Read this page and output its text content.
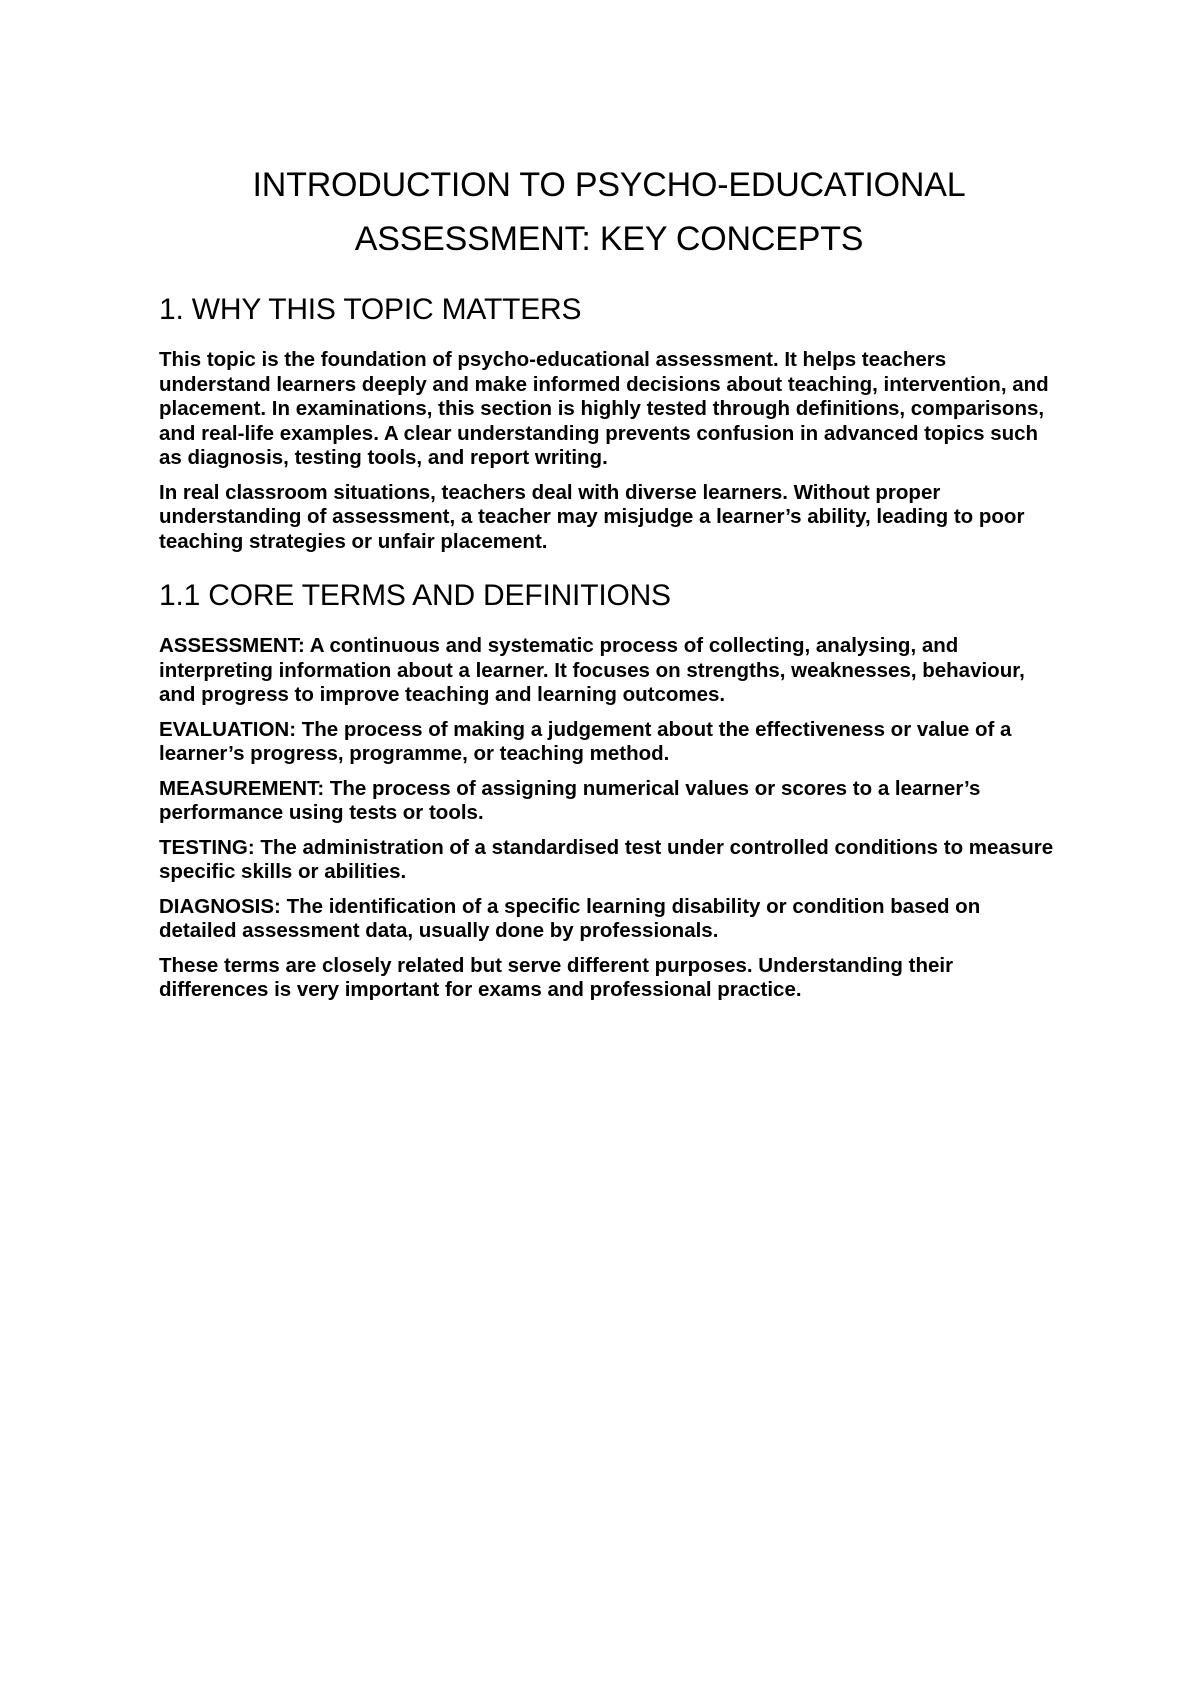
INTRODUCTION TO PSYCHO-EDUCATIONAL
ASSESSMENT: KEY CONCEPTS
1. WHY THIS TOPIC MATTERS

This topic is the foundation of psycho-educational assessment. It helps teachers understand learners deeply and make informed decisions about teaching, intervention, and placement. In examinations, this section is highly tested through definitions, comparisons, and real-life examples. A clear understanding prevents confusion in advanced topics such as diagnosis, testing tools, and report writing.

In real classroom situations, teachers deal with diverse learners. Without proper understanding of assessment, a teacher may misjudge a learner’s ability, leading to poor teaching strategies or unfair placement.

1.1 CORE TERMS AND DEFINITIONS

ASSESSMENT: A continuous and systematic process of collecting, analysing, and interpreting information about a learner. It focuses on strengths, weaknesses, behaviour, and progress to improve teaching and learning outcomes.

EVALUATION: The process of making a judgement about the effectiveness or value of a learner’s progress, programme, or teaching method.

MEASUREMENT: The process of assigning numerical values or scores to a learner’s performance using tests or tools.

TESTING: The administration of a standardised test under controlled conditions to measure specific skills or abilities.

DIAGNOSIS: The identification of a specific learning disability or condition based on detailed assessment data, usually done by professionals.

These terms are closely related but serve different purposes. Understanding their differences is very important for exams and professional practice.
